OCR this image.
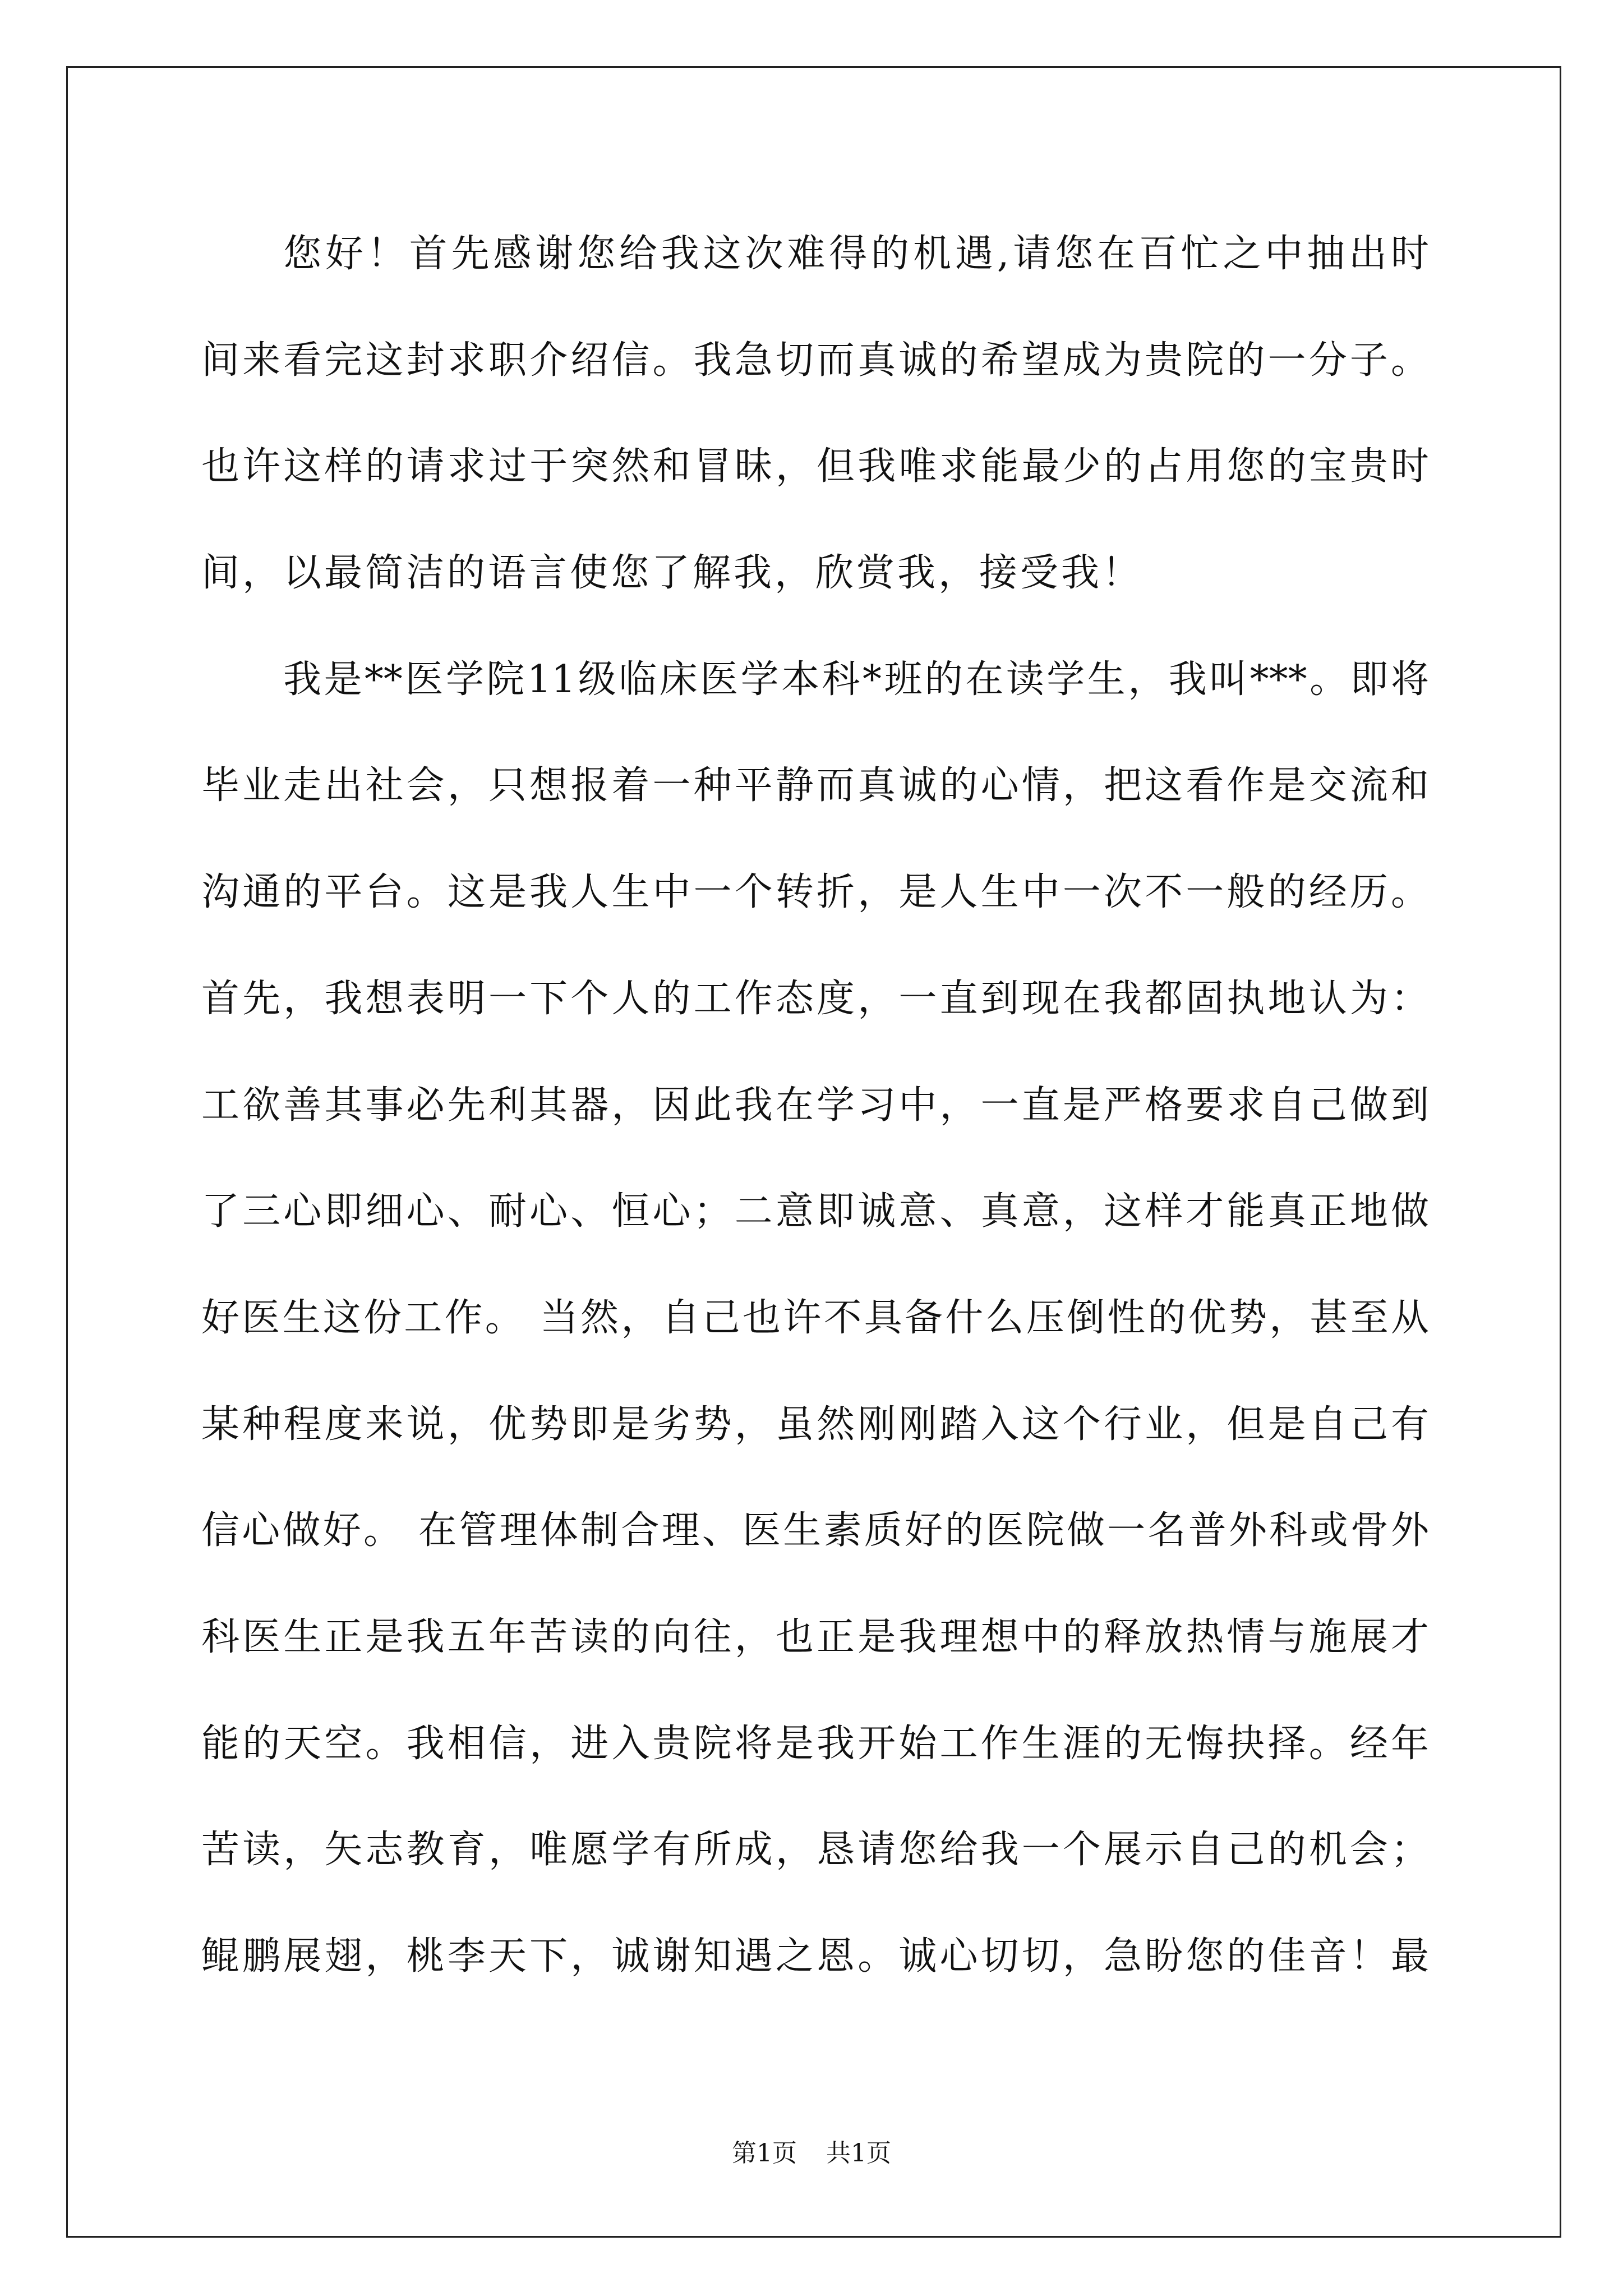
您好！首先感谢您给我这次难得的机遇,请您在百忙之中抽出时
间来看完这封求职介绍信。我急切而真诚的希望成为贵院的一分子。
也许这样的请求过于突然和冒昧，但我唯求能最少的占用您的宝贵时
间，以最简洁的语言使您了解我，欣赏我，接受我！
我是**医学院11级临床医学本科*班的在读学生，我叫***。即将
毕业走出社会，只想报着一种平静而真诚的心情，把这看作是交流和
沟通的平台。这是我人生中一个转折，是人生中一次不一般的经历。
首先，我想表明一下个人的工作态度，一直到现在我都固执地认为：
工欲善其事必先利其器，因此我在学习中，一直是严格要求自己做到
了三心即细心、耐心、恒心；二意即诚意、真意，这样才能真正地做
好医生这份工作。 当然，自己也许不具备什么压倒性的优势，甚至从
某种程度来说，优势即是劣势，虽然刚刚踏入这个行业，但是自己有
信心做好。 在管理体制合理、医生素质好的医院做一名普外科或骨外
科医生正是我五年苦读的向往，也正是我理想中的释放热情与施展才
能的天空。我相信，进入贵院将是我开始工作生涯的无悔抉择。经年
苦读，矢志教育，唯愿学有所成，恳请您给我一个展示自己的机会；
鲲鹏展翅，桃李天下，诚谢知遇之恩。诚心切切，急盼您的佳音！最
第1页 共1页
